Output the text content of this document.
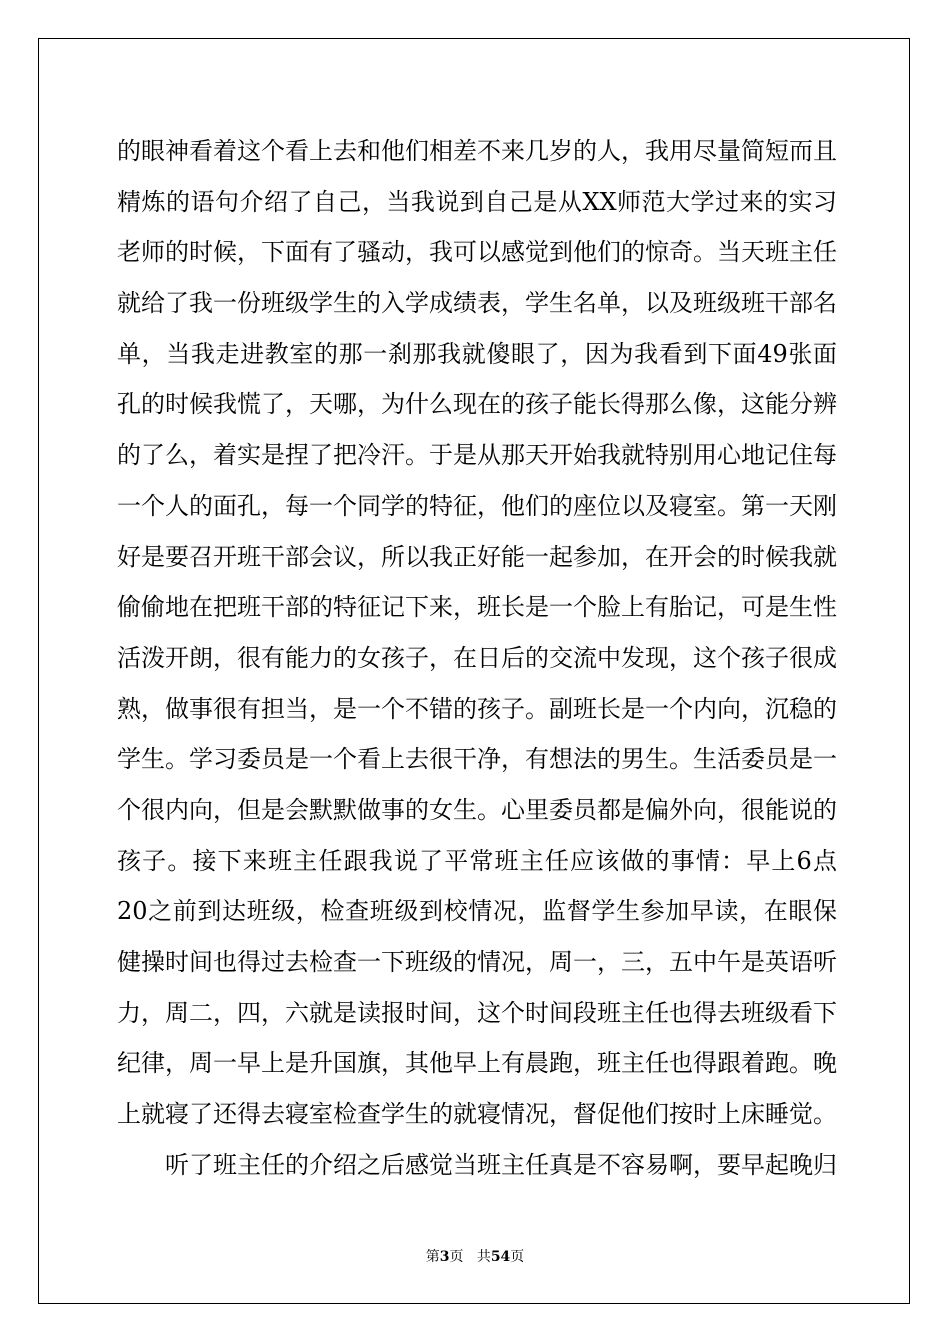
的眼神看着这个看上去和他们相差不来几岁的人，我用尽量简短而且
精炼的语句介绍了自己，当我说到自己是从XX师范大学过来的实习
老师的时候，下面有了骚动，我可以感觉到他们的惊奇。当天班主任
就给了我一份班级学生的入学成绩表，学生名单，以及班级班干部名
单，当我走进教室的那一刹那我就傻眼了，因为我看到下面49张面
孔的时候我慌了，天哪，为什么现在的孩子能长得那么像，这能分辨
的了么，着实是捏了把冷汗。于是从那天开始我就特别用心地记住每
一个人的面孔，每一个同学的特征，他们的座位以及寝室。第一天刚
好是要召开班干部会议，所以我正好能一起参加，在开会的时候我就
偷偷地在把班干部的特征记下来，班长是一个脸上有胎记，可是生性
活泼开朗，很有能力的女孩子，在日后的交流中发现，这个孩子很成
熟，做事很有担当，是一个不错的孩子。副班长是一个内向，沉稳的
学生。学习委员是一个看上去很干净，有想法的男生。生活委员是一
个很内向，但是会默默做事的女生。心里委员都是偏外向，很能说的
孩子。接下来班主任跟我说了平常班主任应该做的事情：早上6点
20之前到达班级，检查班级到校情况，监督学生参加早读，在眼保
健操时间也得过去检查一下班级的情况，周一，三，五中午是英语听
力，周二，四，六就是读报时间，这个时间段班主任也得去班级看下
纪律，周一早上是升国旗，其他早上有晨跑，班主任也得跟着跑。晚
上就寝了还得去寝室检查学生的就寝情况，督促他们按时上床睡觉。
听了班主任的介绍之后感觉当班主任真是不容易啊，要早起晚归
第3页 共54页
